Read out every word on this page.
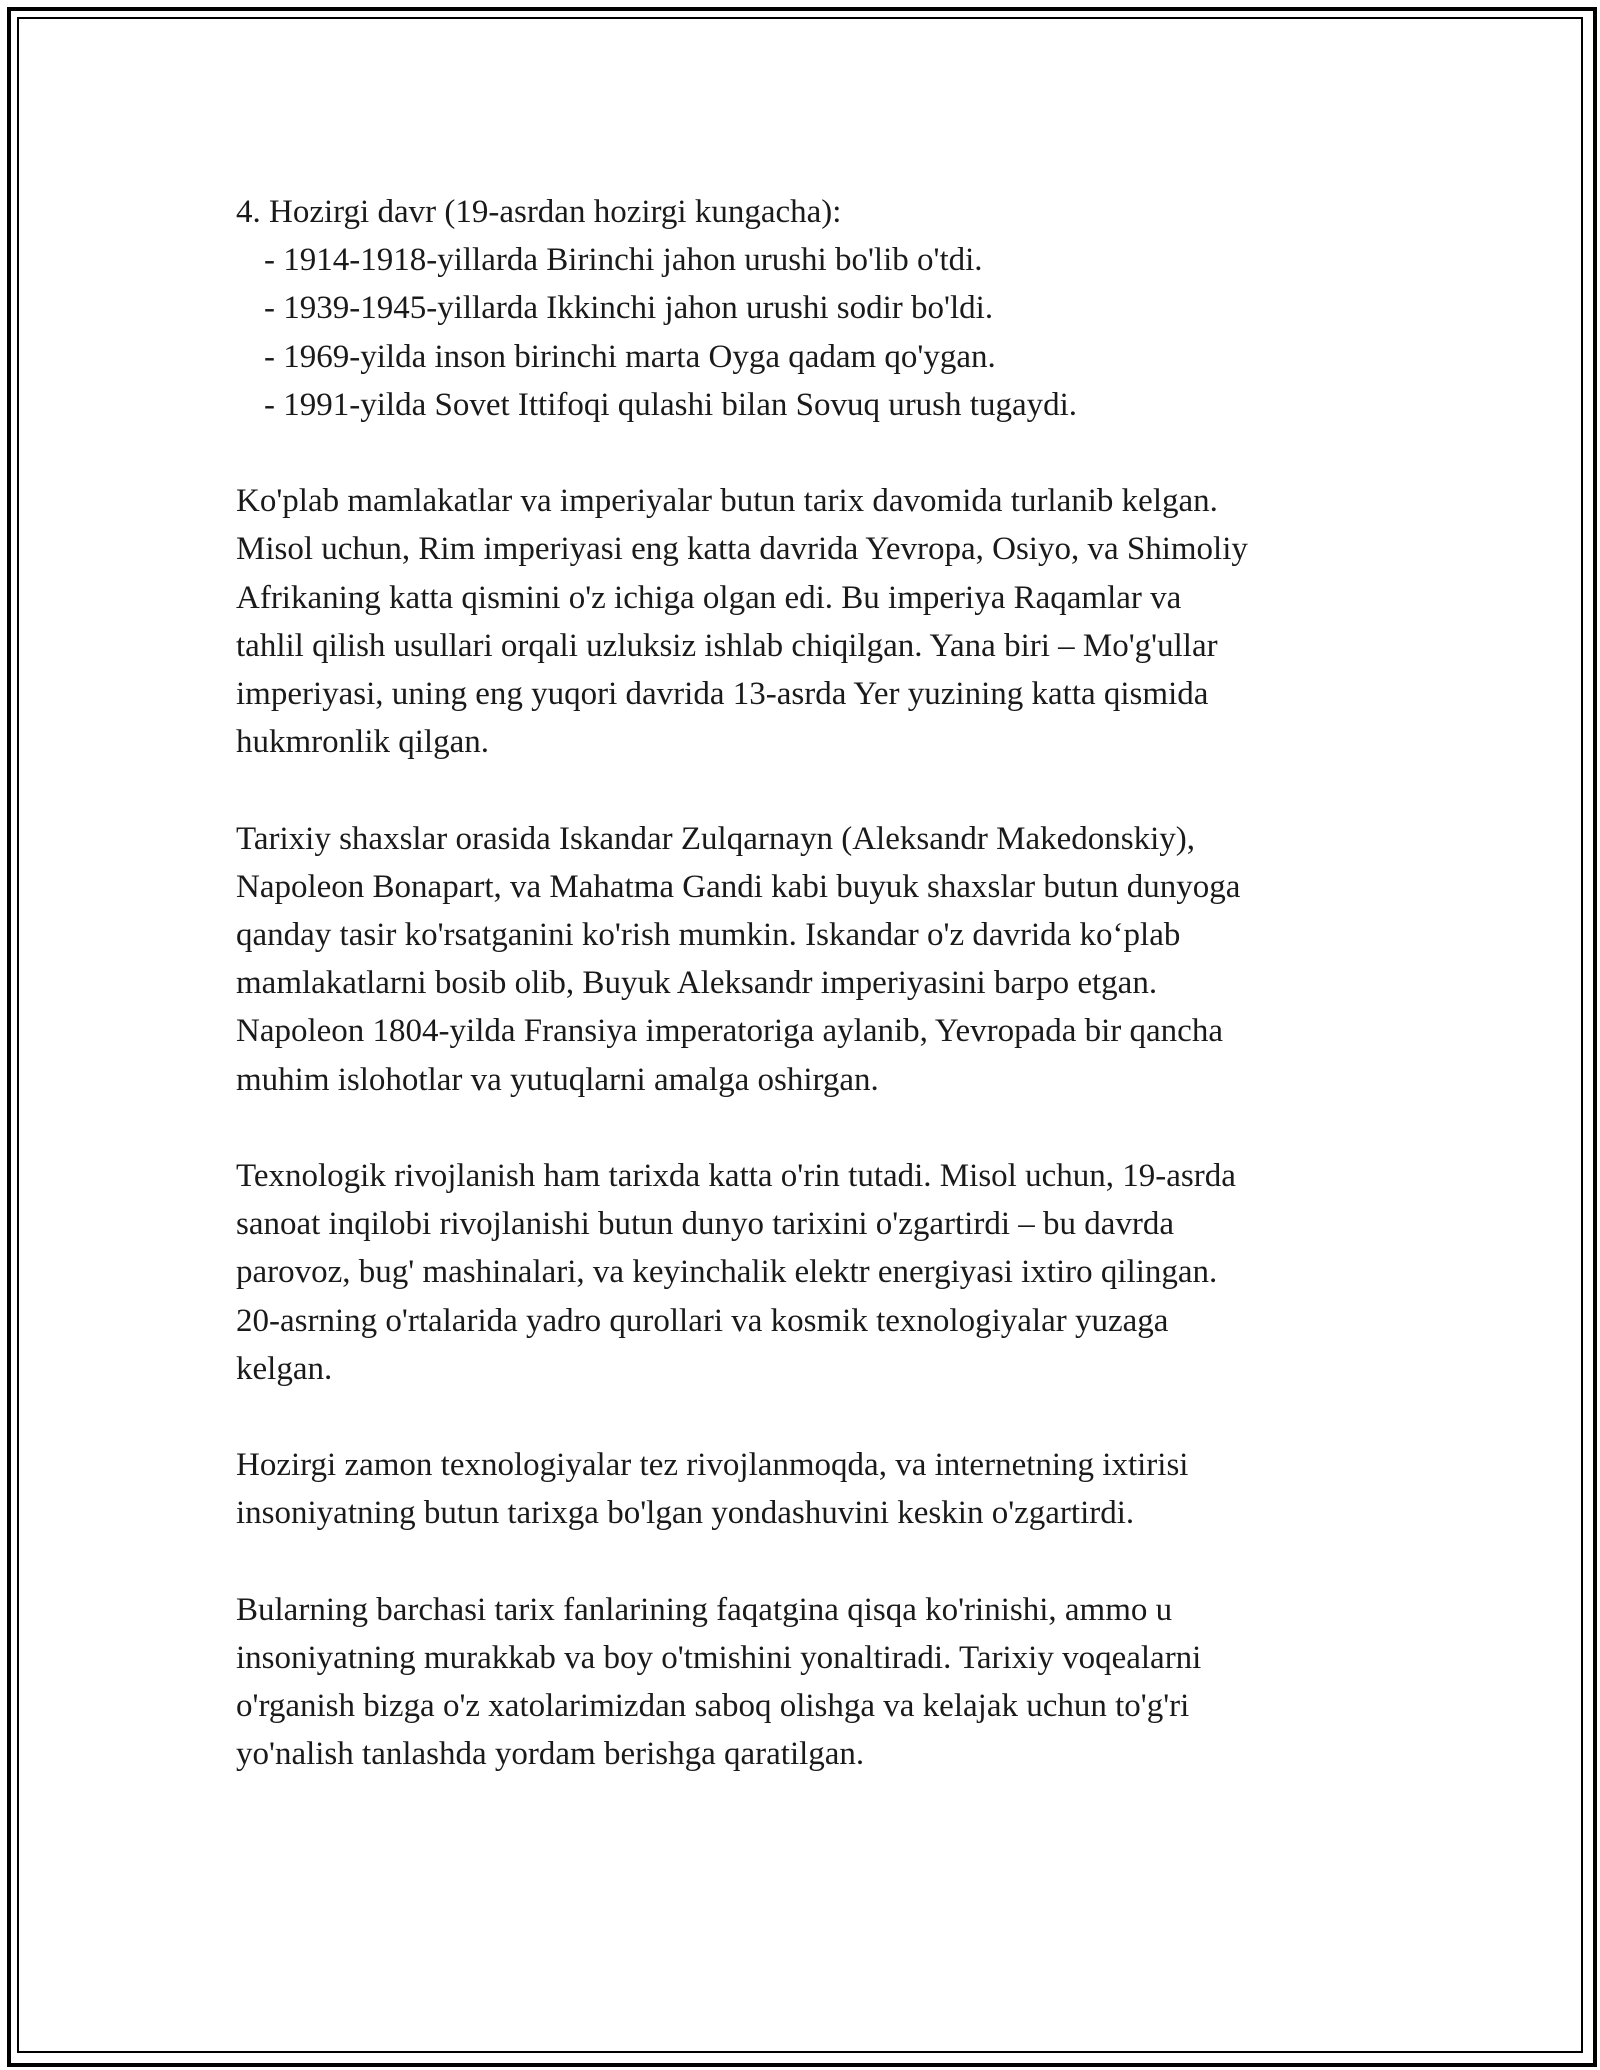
4. Hozirgi davr (19-asrdan hozirgi kungacha):
- 1914-1918-yillarda Birinchi jahon urushi bo'lib o'tdi.
- 1939-1945-yillarda Ikkinchi jahon urushi sodir bo'ldi.
- 1969-yilda inson birinchi marta Oyga qadam qo'ygan.
- 1991-yilda Sovet Ittifoqi qulashi bilan Sovuq urush tugaydi.
Ko'plab mamlakatlar va imperiyalar butun tarix davomida turlanib kelgan.
Misol uchun, Rim imperiyasi eng katta davrida Yevropa, Osiyo, va Shimoliy
Afrikaning katta qismini o'z ichiga olgan edi. Bu imperiya Raqamlar va
tahlil qilish usullari orqali uzluksiz ishlab chiqilgan. Yana biri – Mo'g'ullar
imperiyasi, uning eng yuqori davrida 13-asrda Yer yuzining katta qismida
hukmronlik qilgan.
Tarixiy shaxslar orasida Iskandar Zulqarnayn (Aleksandr Makedonskiy),
Napoleon Bonapart, va Mahatma Gandi kabi buyuk shaxslar butun dunyoga
qanday tasir ko'rsatganini ko'rish mumkin. Iskandar o'z davrida ko‘plab
mamlakatlarni bosib olib, Buyuk Aleksandr imperiyasini barpo etgan.
Napoleon 1804-yilda Fransiya imperatoriga aylanib, Yevropada bir qancha
muhim islohotlar va yutuqlarni amalga oshirgan.
Texnologik rivojlanish ham tarixda katta o'rin tutadi. Misol uchun, 19-asrda
sanoat inqilobi rivojlanishi butun dunyo tarixini o'zgartirdi – bu davrda
parovoz, bug' mashinalari, va keyinchalik elektr energiyasi ixtiro qilingan.
20-asrning o'rtalarida yadro qurollari va kosmik texnologiyalar yuzaga
kelgan.
Hozirgi zamon texnologiyalar tez rivojlanmoqda, va internetning ixtirisi
insoniyatning butun tarixga bo'lgan yondashuvini keskin o'zgartirdi.
Bularning barchasi tarix fanlarining faqatgina qisqa ko'rinishi, ammo u
insoniyatning murakkab va boy o'tmishini yonaltiradi. Tarixiy voqealarni
o'rganish bizga o'z xatolarimizdan saboq olishga va kelajak uchun to'g'ri
yo'nalish tanlashda yordam berishga qaratilgan.
